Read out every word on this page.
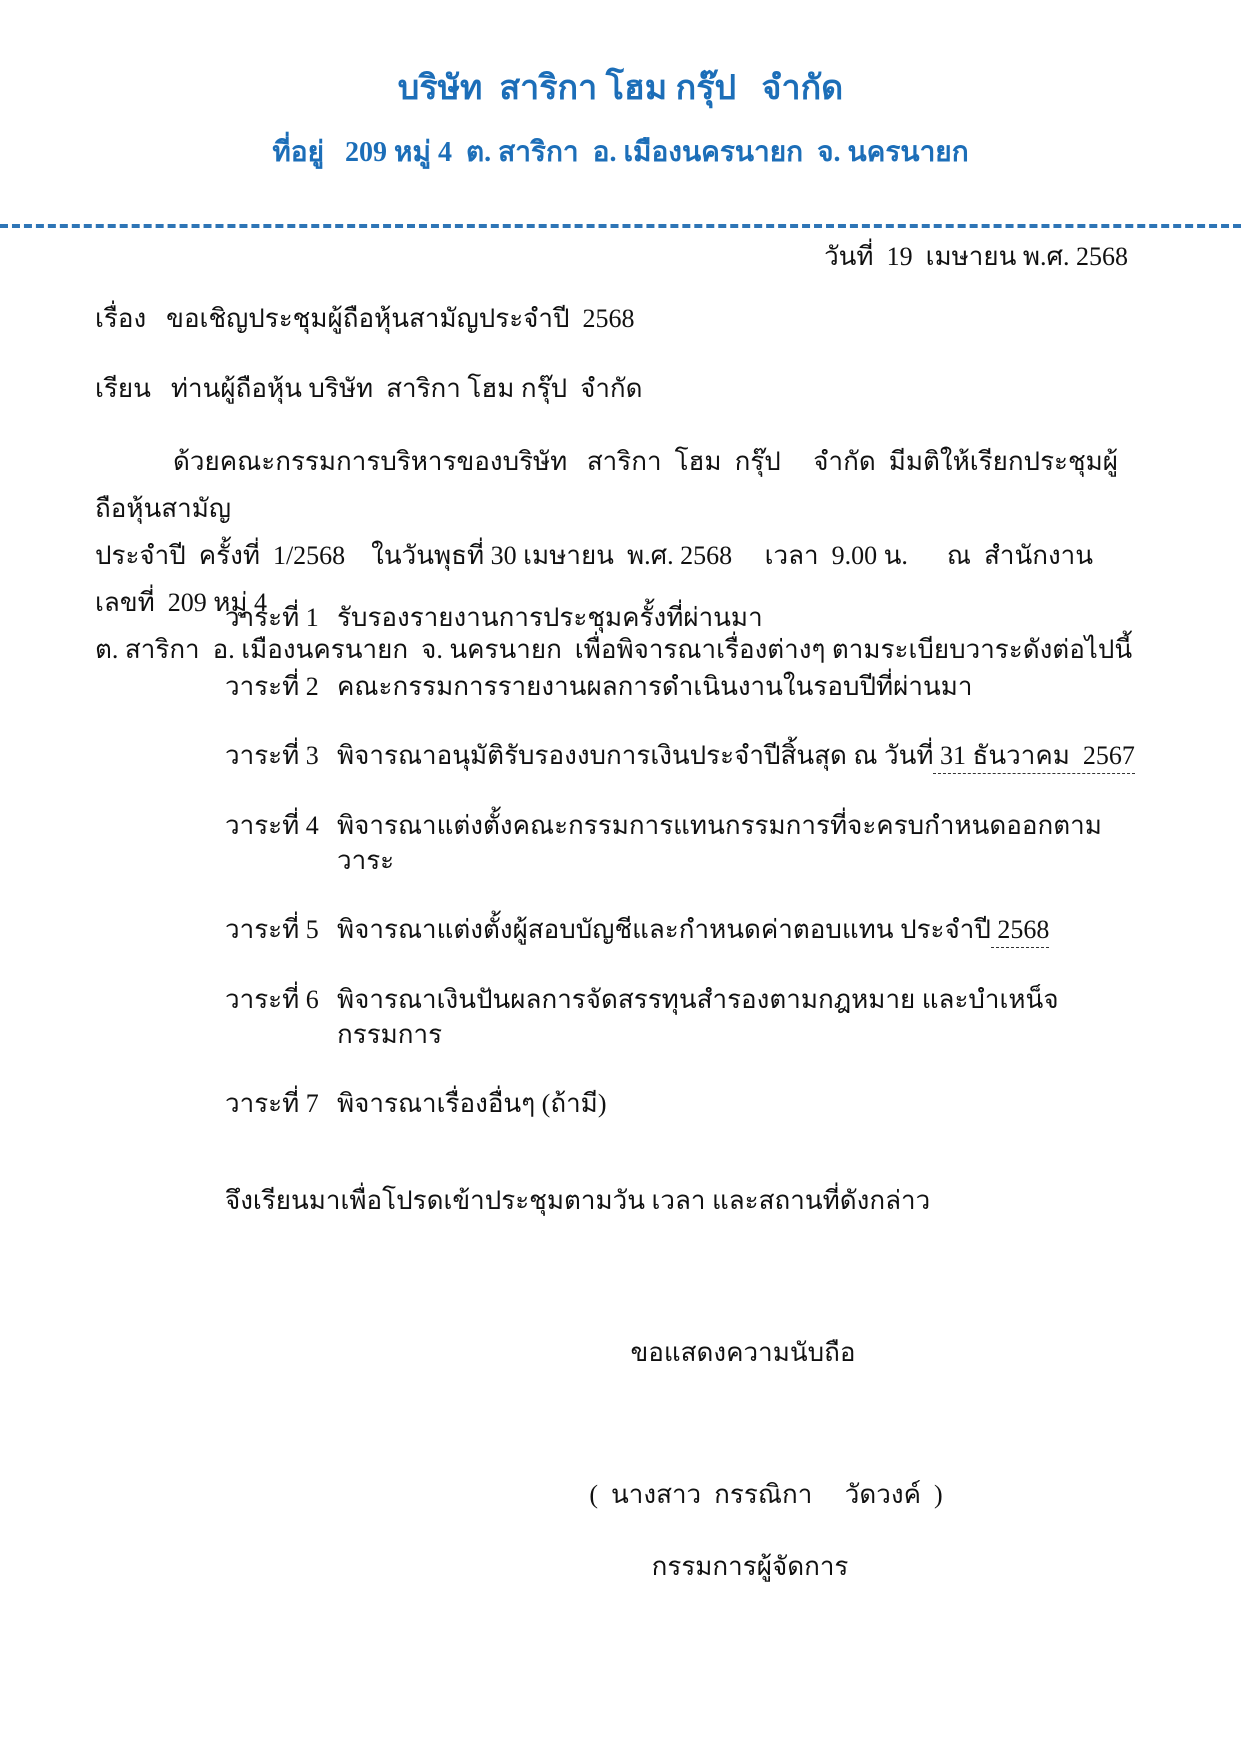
บริษัท  สาริกา โฮม กรุ๊ป   จำกัด
ที่อยู่   209 หมู่ 4  ต. สาริกา  อ. เมืองนครนายก  จ. นครนายก
วันที่  19  เมษายน พ.ศ. 2568
เรื่อง ขอเชิญประชุมผู้ถือหุ้นสามัญประจำปี  2568
เรียน ท่านผู้ถือหุ้น บริษัท  สาริกา โฮม กรุ๊ป  จำกัด
ด้วยคณะกรรมการบริหารของบริษัท   สาริกา  โฮม  กรุ๊ป     จำกัด  มีมติให้เรียกประชุมผู้ถือหุ้นสามัญ
ประจำปี  ครั้งที่  1/2568    ในวันพุธที่ 30 เมษายน  พ.ศ. 2568     เวลา  9.00 น.      ณ  สำนักงาน  เลขที่  209 หมู่ 4
ต. สาริกา  อ. เมืองนครนายก  จ. นครนายก  เพื่อพิจารณาเรื่องต่างๆ ตามระเบียบวาระดังต่อไปนี้
วาระที่ 1 รับรองรายงานการประชุมครั้งที่ผ่านมา
วาระที่ 2 คณะกรรมการรายงานผลการดำเนินงานในรอบปีที่ผ่านมา
วาระที่ 3 พิจารณาอนุมัติรับรองงบการเงินประจำปีสิ้นสุด ณ วันที่ 31 ธันวาคม  2567
วาระที่ 4 พิจารณาแต่งตั้งคณะกรรมการแทนกรรมการที่จะครบกำหนดออกตามวาระ
วาระที่ 5 พิจารณาแต่งตั้งผู้สอบบัญชีและกำหนดค่าตอบแทน ประจำปี 2568
วาระที่ 6 พิจารณาเงินปันผลการจัดสรรทุนสำรองตามกฎหมาย และบำเหน็จกรรมการ
วาระที่ 7 พิจารณาเรื่องอื่นๆ (ถ้ามี)
จึงเรียนมาเพื่อโปรดเข้าประชุมตามวัน เวลา และสถานที่ดังกล่าว
ขอแสดงความนับถือ
(  นางสาว  กรรณิกา     วัดวงค์  )
กรรมการผู้จัดการ
